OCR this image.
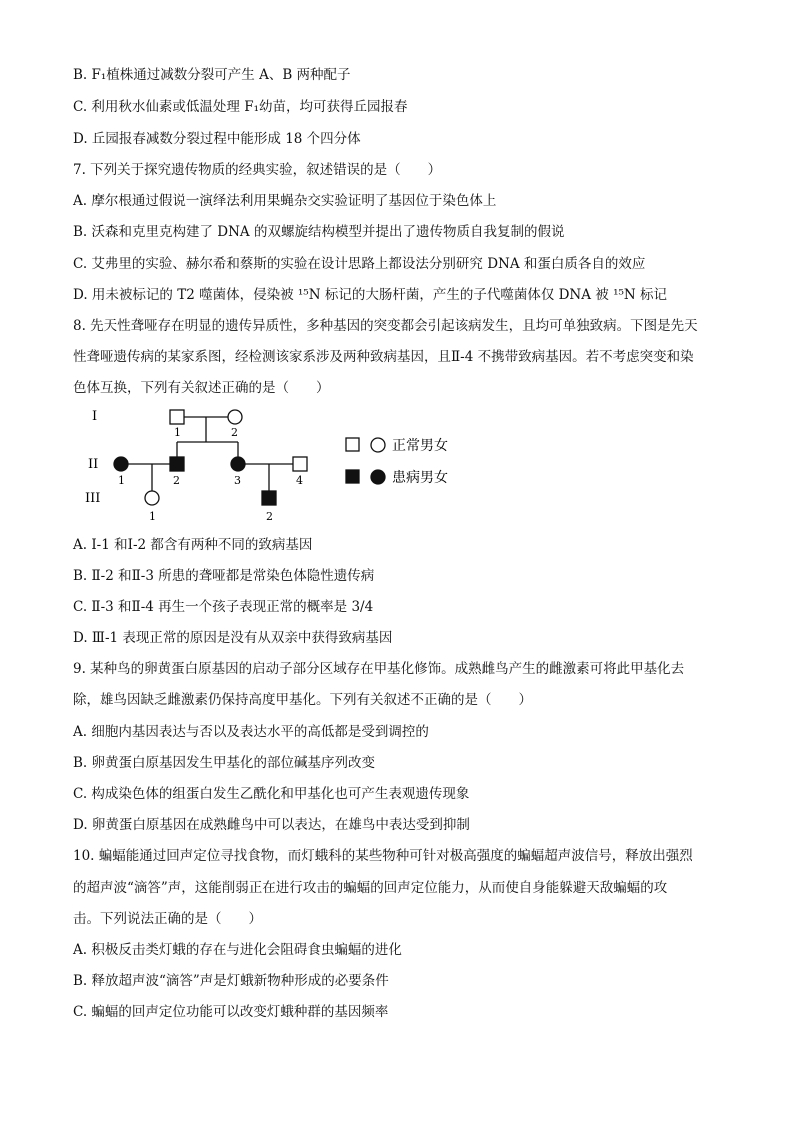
B. F₁植株通过减数分裂可产生 A、B 两种配子
C. 利用秋水仙素或低温处理 F₁幼苗，均可获得丘园报春
D. 丘园报春减数分裂过程中能形成 18 个四分体
7. 下列关于探究遗传物质的经典实验，叙述错误的是（　　）
A. 摩尔根通过假说一演绎法利用果蝇杂交实验证明了基因位于染色体上
B. 沃森和克里克构建了 DNA 的双螺旋结构模型并提出了遗传物质自我复制的假说
C. 艾弗里的实验、赫尔希和蔡斯的实验在设计思路上都设法分别研究 DNA 和蛋白质各自的效应
D. 用未被标记的 T2 噬菌体，侵染被 ¹⁵N 标记的大肠杆菌，产生的子代噬菌体仅 DNA 被 ¹⁵N 标记
8. 先天性聋哑存在明显的遗传异质性，多种基因的突变都会引起该病发生，且均可单独致病。下图是先天
性聋哑遗传病的某家系图，经检测该家系涉及两种致病基因，且Ⅱ-4 不携带致病基因。若不考虑突变和染
色体互换，下列有关叙述正确的是（　　）
I
II
III
1	2
1	2	3	4
1	2
正常男女
患病男女
A. Ⅰ-1 和Ⅰ-2 都含有两种不同的致病基因
B. Ⅱ-2 和Ⅱ-3 所患的聋哑都是常染色体隐性遗传病
C. Ⅱ-3 和Ⅱ-4 再生一个孩子表现正常的概率是 3/4
D. Ⅲ-1 表现正常的原因是没有从双亲中获得致病基因
9. 某种鸟的卵黄蛋白原基因的启动子部分区域存在甲基化修饰。成熟雌鸟产生的雌激素可将此甲基化去
除，雄鸟因缺乏雌激素仍保持高度甲基化。下列有关叙述不正确的是（　　）
A. 细胞内基因表达与否以及表达水平的高低都是受到调控的
B. 卵黄蛋白原基因发生甲基化的部位碱基序列改变
C. 构成染色体的组蛋白发生乙酰化和甲基化也可产生表观遗传现象
D. 卵黄蛋白原基因在成熟雌鸟中可以表达，在雄鸟中表达受到抑制
10. 蝙蝠能通过回声定位寻找食物，而灯蛾科的某些物种可针对极高强度的蝙蝠超声波信号，释放出强烈
的超声波“滴答”声，这能削弱正在进行攻击的蝙蝠的回声定位能力，从而使自身能躲避天敌蝙蝠的攻
击。下列说法正确的是（　　）
A. 积极反击类灯蛾的存在与进化会阻碍食虫蝙蝠的进化
B. 释放超声波“滴答”声是灯蛾新物种形成的必要条件
C. 蝙蝠的回声定位功能可以改变灯蛾种群的基因频率
